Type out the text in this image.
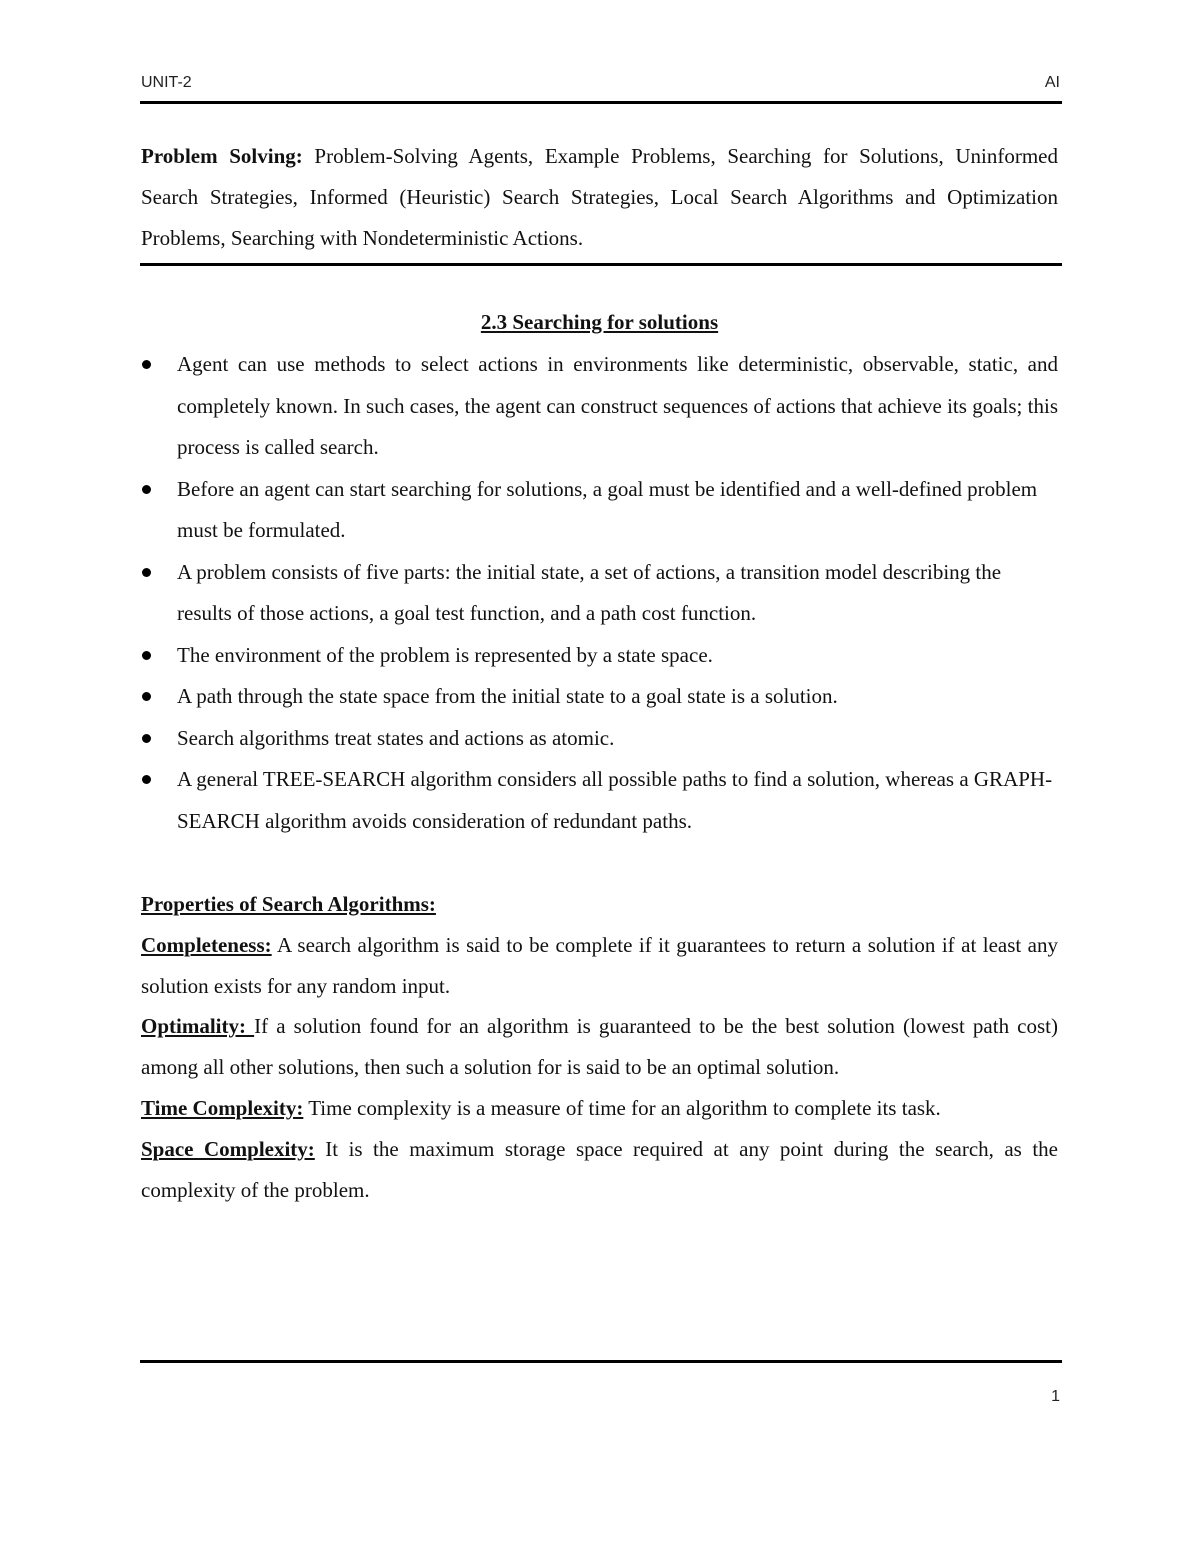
UNIT-2	AI
Problem Solving: Problem-Solving Agents, Example Problems, Searching for Solutions, Uninformed Search Strategies, Informed (Heuristic) Search Strategies, Local Search Algorithms and Optimization Problems, Searching with Nondeterministic Actions.
2.3 Searching for solutions
Agent can use methods to select actions in environments like deterministic, observable, static, and completely known. In such cases, the agent can construct sequences of actions that achieve its goals; this process is called search.
Before an agent can start searching for solutions, a goal must be identified and a well-defined problem must be formulated.
A problem consists of five parts: the initial state, a set of actions, a transition model describing the results of those actions, a goal test function, and a path cost function.
The environment of the problem is represented by a state space.
A path through the state space from the initial state to a goal state is a solution.
Search algorithms treat states and actions as atomic.
A general TREE-SEARCH algorithm considers all possible paths to find a solution, whereas a GRAPH-SEARCH algorithm avoids consideration of redundant paths.
Properties of Search Algorithms:
Completeness: A search algorithm is said to be complete if it guarantees to return a solution if at least any solution exists for any random input.
Optimality: If a solution found for an algorithm is guaranteed to be the best solution (lowest path cost) among all other solutions, then such a solution for is said to be an optimal solution.
Time Complexity: Time complexity is a measure of time for an algorithm to complete its task.
Space Complexity: It is the maximum storage space required at any point during the search, as the complexity of the problem.
1
